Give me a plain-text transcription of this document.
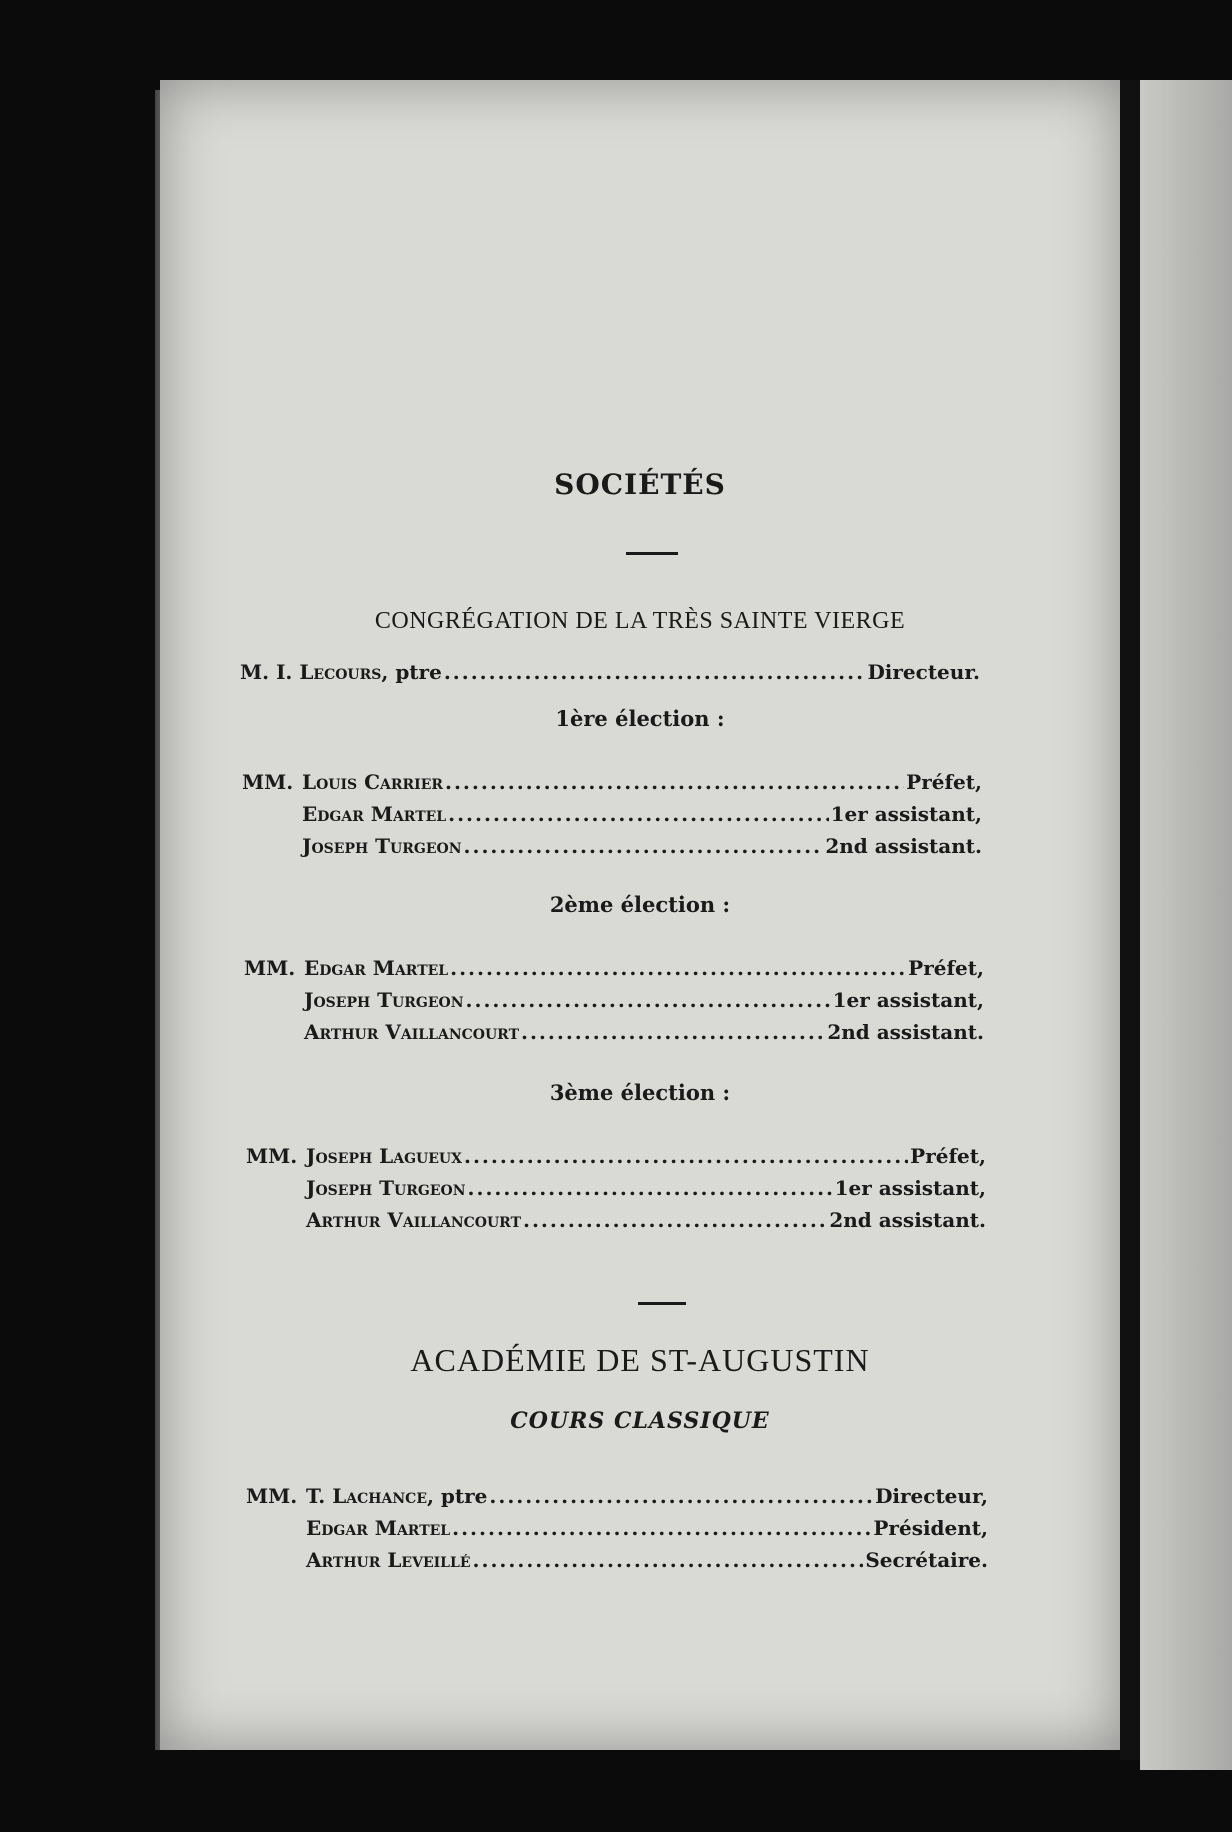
SOCIÉTÉS
CONGRÉGATION DE LA TRÈS SAINTE VIERGE
M. I. Lecours, ptre .....	Directeur.
1ère élection :
MM. Louis Carrier .....	Préfet,
Edgar Martel .....	1er assistant,
Joseph Turgeon .....	2nd assistant.
2ème élection :
MM. Edgar Martel .....	Préfet,
Joseph Turgeon .....	1er assistant,
Arthur Vaillancourt .....	2nd assistant.
3ème élection :
MM. Joseph Lagueux .....	Préfet,
Joseph Turgeon .....	1er assistant,
Arthur Vaillancourt .....	2nd assistant.
ACADÉMIE DE ST-AUGUSTIN
COURS CLASSIQUE
MM. T. Lachance, ptre .....	Directeur,
Edgar Martel .....	Président,
Arthur Leveillé .....	Secrétaire.
